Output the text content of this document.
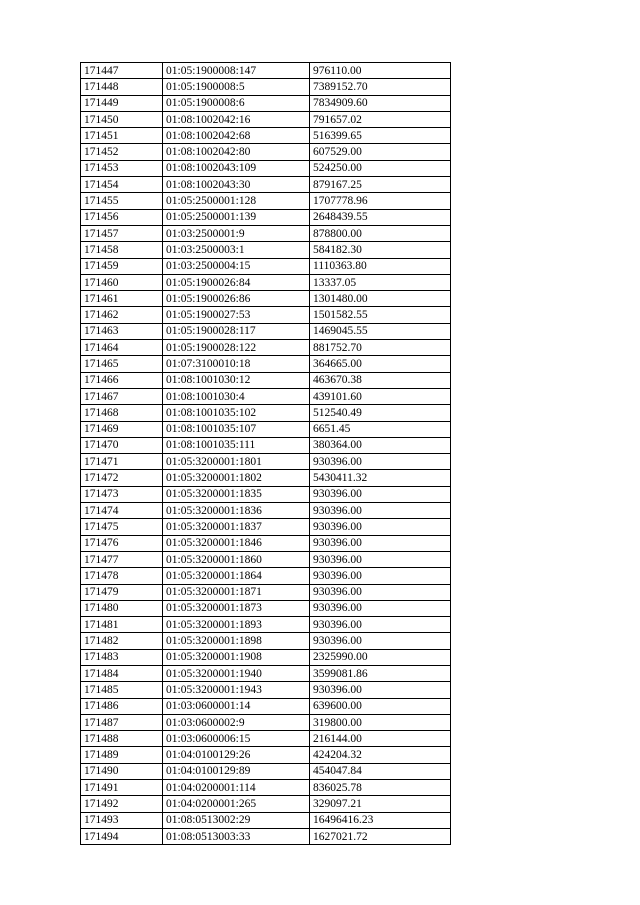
171447	01:05:1900008:147	976110.00
171448	01:05:1900008:5	7389152.70
171449	01:05:1900008:6	7834909.60
171450	01:08:1002042:16	791657.02
171451	01:08:1002042:68	516399.65
171452	01:08:1002042:80	607529.00
171453	01:08:1002043:109	524250.00
171454	01:08:1002043:30	879167.25
171455	01:05:2500001:128	1707778.96
171456	01:05:2500001:139	2648439.55
171457	01:03:2500001:9	878800.00
171458	01:03:2500003:1	584182.30
171459	01:03:2500004:15	1110363.80
171460	01:05:1900026:84	13337.05
171461	01:05:1900026:86	1301480.00
171462	01:05:1900027:53	1501582.55
171463	01:05:1900028:117	1469045.55
171464	01:05:1900028:122	881752.70
171465	01:07:3100010:18	364665.00
171466	01:08:1001030:12	463670.38
171467	01:08:1001030:4	439101.60
171468	01:08:1001035:102	512540.49
171469	01:08:1001035:107	6651.45
171470	01:08:1001035:111	380364.00
171471	01:05:3200001:1801	930396.00
171472	01:05:3200001:1802	5430411.32
171473	01:05:3200001:1835	930396.00
171474	01:05:3200001:1836	930396.00
171475	01:05:3200001:1837	930396.00
171476	01:05:3200001:1846	930396.00
171477	01:05:3200001:1860	930396.00
171478	01:05:3200001:1864	930396.00
171479	01:05:3200001:1871	930396.00
171480	01:05:3200001:1873	930396.00
171481	01:05:3200001:1893	930396.00
171482	01:05:3200001:1898	930396.00
171483	01:05:3200001:1908	2325990.00
171484	01:05:3200001:1940	3599081.86
171485	01:05:3200001:1943	930396.00
171486	01:03:0600001:14	639600.00
171487	01:03:0600002:9	319800.00
171488	01:03:0600006:15	216144.00
171489	01:04:0100129:26	424204.32
171490	01:04:0100129:89	454047.84
171491	01:04:0200001:114	836025.78
171492	01:04:0200001:265	329097.21
171493	01:08:0513002:29	16496416.23
171494	01:08:0513003:33	1627021.72
